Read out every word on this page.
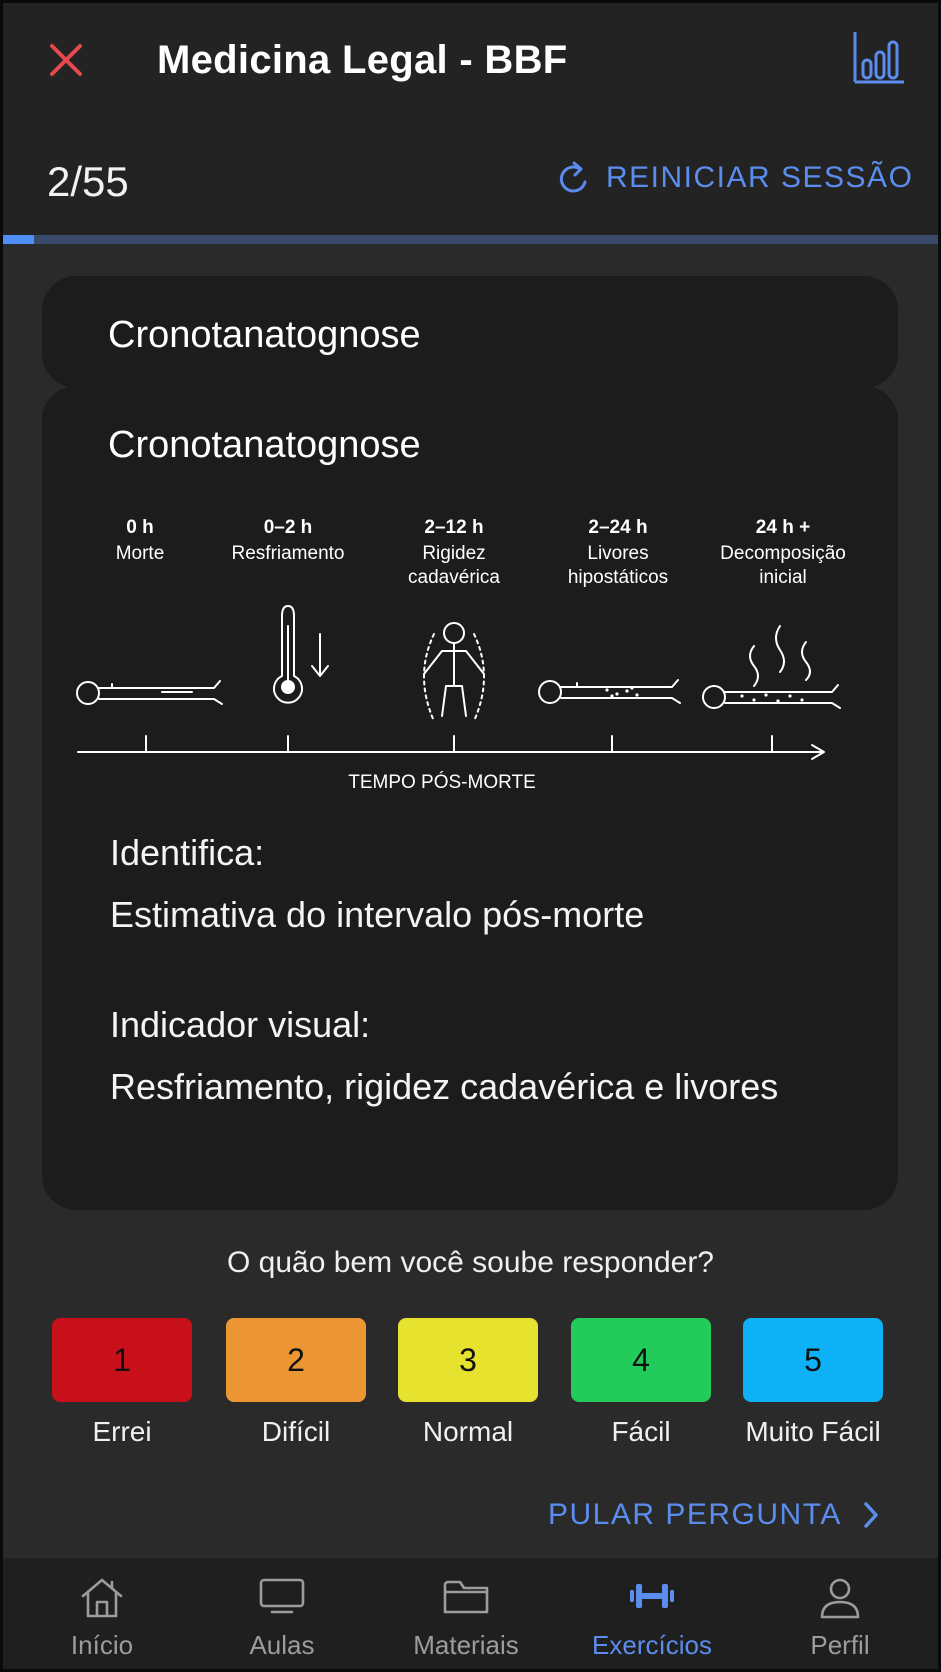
Medicina Legal - BBF
2/55	REINICIAR SESSÃO
Cronotanatognose
Cronotanatognose
0 h
Morte
0–2 h
Resfriamento
2–12 h
Rigidez
cadavérica
2–24 h
Livores
hipostáticos
24 h +
Decomposição
inicial
TEMPO PÓS-MORTE
Identifica:
Estimativa do intervalo pós-morte
Indicador visual:
Resfriamento, rigidez cadavérica e livores
O quão bem você soube responder?
1
Errei
2
Difícil
3
Normal
4
Fácil
5
Muito Fácil
PULAR PERGUNTA
Início	Aulas	Materiais	Exercícios	Perfil
